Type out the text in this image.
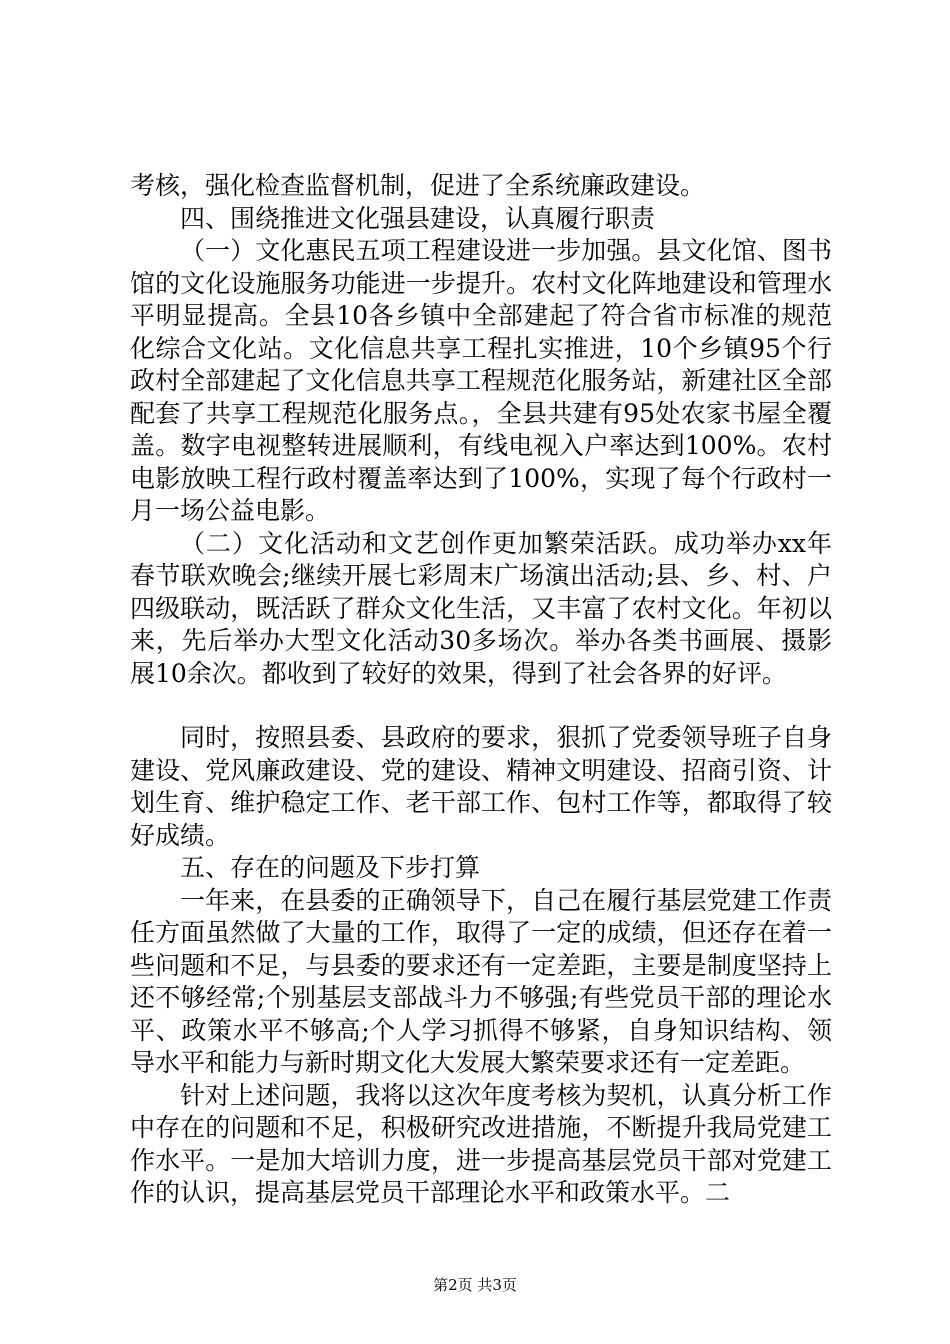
考核，强化检查监督机制，促进了全系统廉政建设。

四、围绕推进文化强县建设，认真履行职责

（一）文化惠民五项工程建设进一步加强。县文化馆、图书馆的文化设施服务功能进一步提升。农村文化阵地建设和管理水平明显提高。全县10各乡镇中全部建起了符合省市标准的规范化综合文化站。文化信息共享工程扎实推进，10个乡镇95个行政村全部建起了文化信息共享工程规范化服务站，新建社区全部配套了共享工程规范化服务点。，全县共建有95处农家书屋全覆盖。数字电视整转进展顺利，有线电视入户率达到100%。农村电影放映工程行政村覆盖率达到了100%，实现了每个行政村一月一场公益电影。

（二）文化活动和文艺创作更加繁荣活跃。成功举办xx年春节联欢晚会;继续开展七彩周末广场演出活动;县、乡、村、户四级联动，既活跃了群众文化生活，又丰富了农村文化。年初以来，先后举办大型文化活动30多场次。举办各类书画展、摄影展10余次。都收到了较好的效果，得到了社会各界的好评。

同时，按照县委、县政府的要求，狠抓了党委领导班子自身建设、党风廉政建设、党的建设、精神文明建设、招商引资、计划生育、维护稳定工作、老干部工作、包村工作等，都取得了较好成绩。

五、存在的问题及下步打算

一年来，在县委的正确领导下，自己在履行基层党建工作责任方面虽然做了大量的工作，取得了一定的成绩，但还存在着一些问题和不足，与县委的要求还有一定差距，主要是制度坚持上还不够经常;个别基层支部战斗力不够强;有些党员干部的理论水平、政策水平不够高;个人学习抓得不够紧，自身知识结构、领导水平和能力与新时期文化大发展大繁荣要求还有一定差距。

针对上述问题，我将以这次年度考核为契机，认真分析工作中存在的问题和不足，积极研究改进措施，不断提升我局党建工作水平。一是加大培训力度，进一步提高基层党员干部对党建工作的认识，提高基层党员干部理论水平和政策水平。二

第2页 共3页
